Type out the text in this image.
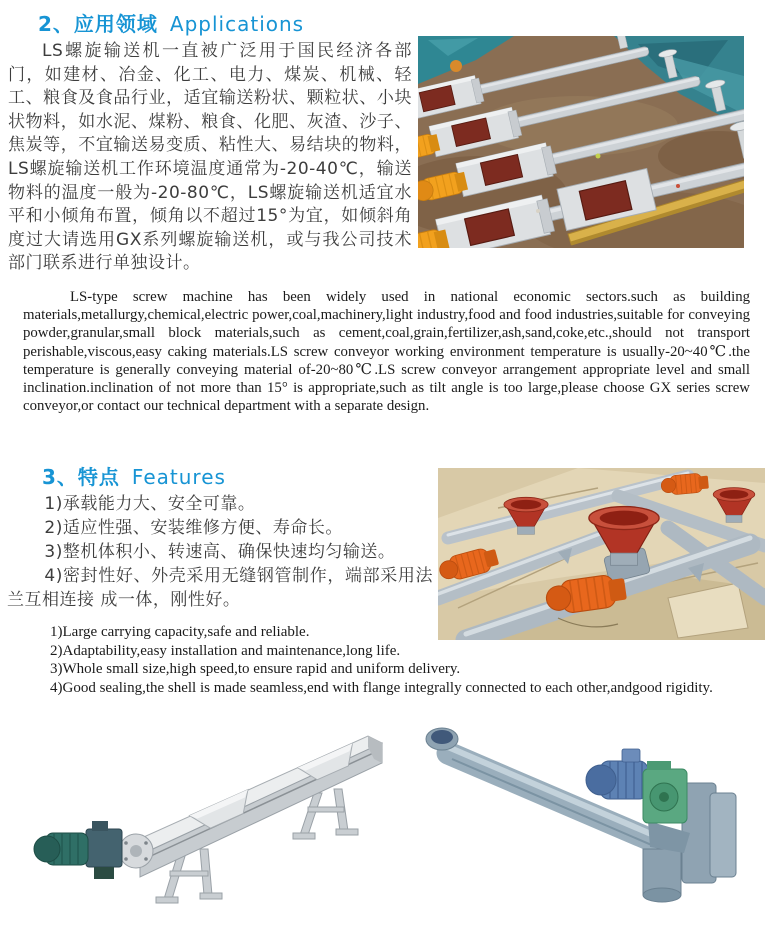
2、应用领域 Applications
LS螺旋输送机一直被广泛用于国民经济各部门，如建材、冶金、化工、电力、煤炭、机械、轻工、粮食及食品行业，适宜输送粉状、颗粒状、小块状物料，如水泥、煤粉、粮食、化肥、灰渣、沙子、焦炭等，不宜输送易变质、粘性大、易结块的物料，LS螺旋输送机工作环境温度通常为-20-40℃，输送物料的温度一般为-20-80℃，LS螺旋输送机适宜水平和小倾角布置，倾角以不超过15°为宜，如倾斜角度过大请选用GX系列螺旋输送机，或与我公司技术部门联系进行单独设计。
LS-type screw machine has been widely used in national economic sectors.such as building materials,metallurgy,chemical,electric power,coal,machinery,light industry,food and food industries,suitable for conveying powder,granular,small block materials,such as cement,coal,grain,fertilizer,ash,sand,coke,etc.,should not transport perishable,viscous,easy caking materials.LS screw conveyor working environment temperature is usually-20~40℃.the temperature is generally conveying material of-20~80℃.LS screw conveyor arrangement appropriate level and small inclination.inclination of not more than 15° is appropriate,such as tilt angle is too large,please choose GX series screw conveyor,or contact our technical department with a separate design.
3、特点 Features
1)承载能力大、安全可靠。
2)适应性强、安装维修方便、寿命长。
3)整机体积小、转速高、确保快速均匀输送。
4)密封性好、外壳采用无缝钢管制作，端部采用法兰互相连接 成一体，刚性好。
1)Large carrying capacity,safe and reliable.
2)Adaptability,easy installation and maintenance,long life.
3)Whole small size,high speed,to ensure rapid and uniform delivery.
4)Good sealing,the shell is made seamless,end with flange integrally connected to each other,andgood rigidity.
